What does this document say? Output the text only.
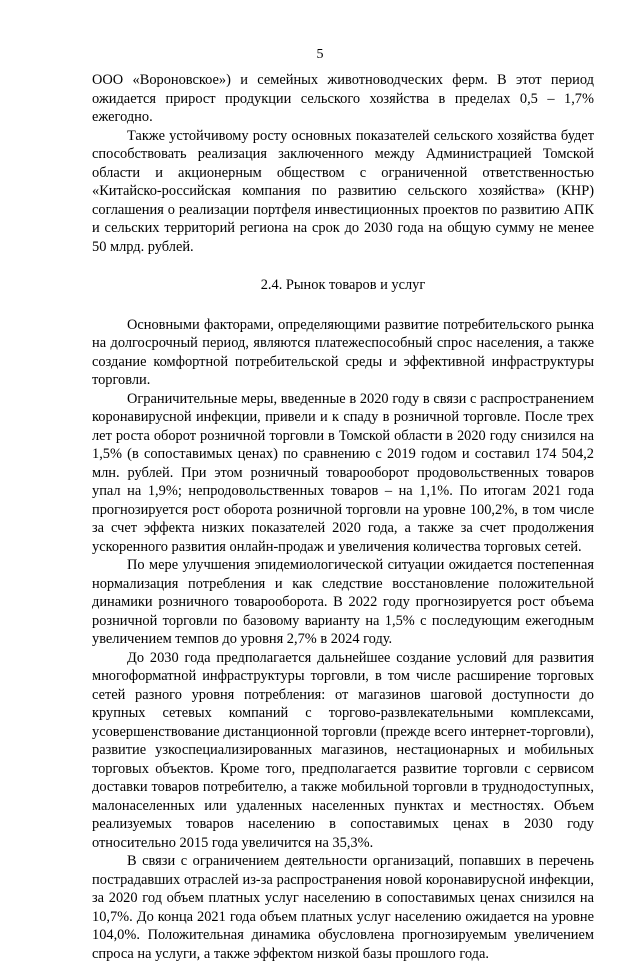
5

ООО «Вороновское») и семейных животноводческих ферм. В этот период ожидается прирост продукции сельского хозяйства в пределах 0,5 – 1,7% ежегодно.

Также устойчивому росту основных показателей сельского хозяйства будет способствовать реализация заключенного между Администрацией Томской области и акционерным обществом с ограниченной ответственностью «Китайско-российская компания по развитию сельского хозяйства» (КНР) соглашения о реализации портфеля инвестиционных проектов по развитию АПК и сельских территорий региона на срок до 2030 года на общую сумму не менее 50 млрд. рублей.

2.4. Рынок товаров и услуг

Основными факторами, определяющими развитие потребительского рынка на долгосрочный период, являются платежеспособный спрос населения, а также создание комфортной потребительской среды и эффективной инфраструктуры торговли.

Ограничительные меры, введенные в 2020 году в связи с распространением коронавирусной инфекции, привели и к спаду в розничной торговле. После трех лет роста оборот розничной торговли в Томской области в 2020 году снизился на 1,5% (в сопоставимых ценах) по сравнению с 2019 годом и составил 174 504,2 млн. рублей. При этом розничный товарооборот продовольственных товаров упал на 1,9%; непродовольственных товаров – на 1,1%. По итогам 2021 года прогнозируется рост оборота розничной торговли на уровне 100,2%, в том числе за счет эффекта низких показателей 2020 года, а также за счет продолжения ускоренного развития онлайн-продаж и увеличения количества торговых сетей.

По мере улучшения эпидемиологической ситуации ожидается постепенная нормализация потребления и как следствие восстановление положительной динамики розничного товарооборота. В 2022 году прогнозируется рост объема розничной торговли по базовому варианту на 1,5% с последующим ежегодным увеличением темпов до уровня 2,7% в 2024 году.

До 2030 года предполагается дальнейшее создание условий для развития многоформатной инфраструктуры торговли, в том числе расширение торговых сетей разного уровня потребления: от магазинов шаговой доступности до крупных сетевых компаний с торгово-развлекательными комплексами, усовершенствование дистанционной торговли (прежде всего интернет-торговли), развитие узкоспециализированных магазинов, нестационарных и мобильных торговых объектов. Кроме того, предполагается развитие торговли с сервисом доставки товаров потребителю, а также мобильной торговли в труднодоступных, малонаселенных или удаленных населенных пунктах и местностях. Объем реализуемых товаров населению в сопоставимых ценах в 2030 году относительно 2015 года увеличится на 35,3%.

В связи с ограничением деятельности организаций, попавших в перечень пострадавших отраслей из-за распространения новой коронавирусной инфекции, за 2020 год объем платных услуг населению в сопоставимых ценах снизился на 10,7%. До конца 2021 года объем платных услуг населению ожидается на уровне 104,0%. Положительная динамика обусловлена прогнозируемым увеличением спроса на услуги, а также эффектом низкой базы прошлого года.
